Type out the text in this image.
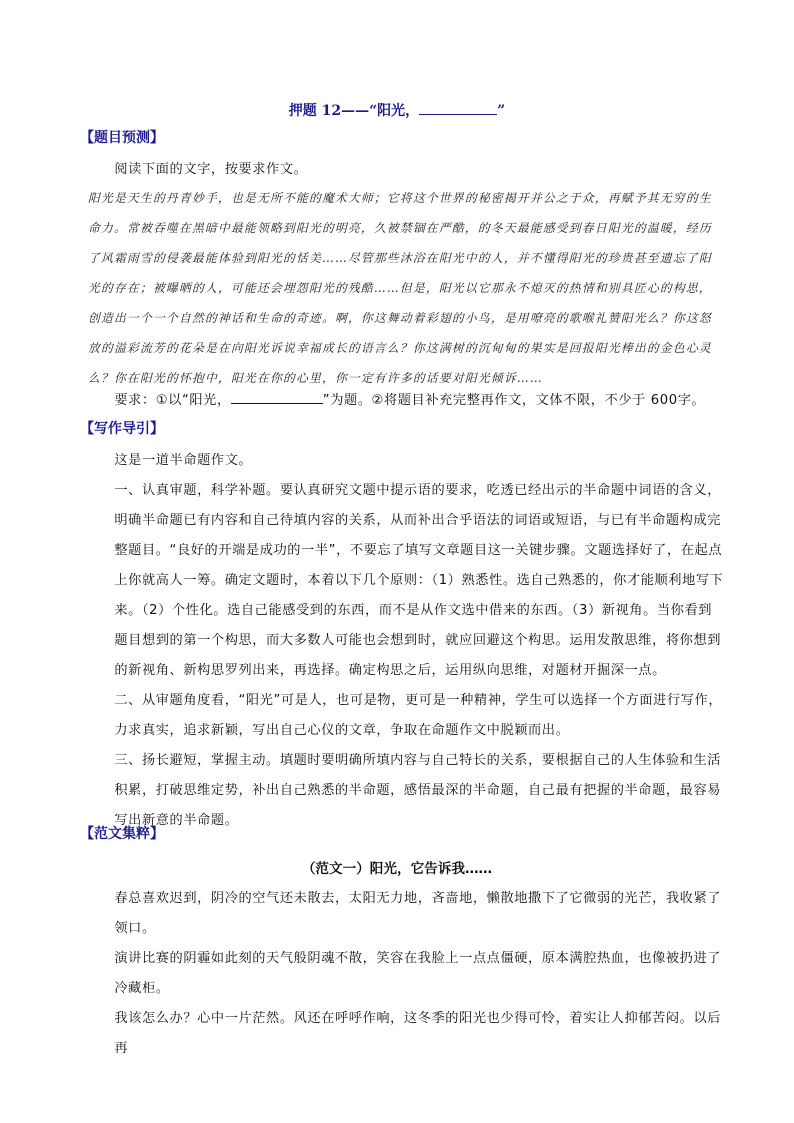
押题 12——“阳光，	”
【题目预测】

阅读下面的文字，按要求作文。

阳光是天生的丹青妙手，也是无所不能的魔术大师；它将这个世界的秘密揭开并公之于众，再赋予其无穷的生命力。常被吞噬在黑暗中最能领略到阳光的明亮，久被禁锢在严酷，的冬天最能感受到春日阳光的温暖，经历了风霜雨雪的侵袭最能体验到阳光的恬美……尽管那些沐浴在阳光中的人，并不懂得阳光的珍贵甚至遗忘了阳光的存在；被曝晒的人，可能还会埋怨阳光的残酷……但是，阳光以它那永不熄灭的热情和别具匠心的构思，创造出一个一个自然的神话和生命的奇迹。啊，你这舞动着彩翅的小鸟，是用嘹亮的歌喉礼赞阳光么？你这怒放的溢彩流芳的花朵是在向阳光诉说幸福成长的语言么？你这满树的沉甸甸的果实是回报阳光棒出的金色心灵么？你在阳光的怀抱中，阳光在你的心里，你一定有许多的话要对阳光倾诉……

要求：①以“阳光，	”为题。②将题目补充完整再作文，文体不限，不少于 600字。

【写作导引】

这是一道半命题作文。

一、认真审题，科学补题。要认真研究文题中提示语的要求，吃透已经出示的半命题中词语的含义，明确半命题已有内容和自己待填内容的关系，从而补出合乎语法的词语或短语，与已有半命题构成完整题目。“良好的开端是成功的一半”，不要忘了填写文章题目这一关键步骤。文题选择好了，在起点上你就高人一筹。确定文题时，本着以下几个原则：（1）熟悉性。选自己熟悉的，你才能顺利地写下来。（2）个性化。选自己能感受到的东西，而不是从作文选中借来的东西。（3）新视角。当你看到题目想到的第一个构思，而大多数人可能也会想到时，就应回避这个构思。运用发散思维，将你想到的新视角、新构思罗列出来，再选择。确定构思之后，运用纵向思维，对题材开掘深一点。

二、从审题角度看，“阳光”可是人，也可是物，更可是一种精神，学生可以选择一个方面进行写作，力求真实，追求新颖，写出自己心仪的文章，争取在命题作文中脱颖而出。

三、扬长避短，掌握主动。填题时要明确所填内容与自己特长的关系，要根据自己的人生体验和生活积累，打破思维定势，补出自己熟悉的半命题，感悟最深的半命题，自己最有把握的半命题，最容易写出新意的半命题。

【范文集粹】
（范文一）阳光，它告诉我……

春总喜欢迟到，阴冷的空气还未散去，太阳无力地，吝啬地，懒散地撒下了它微弱的光芒，我收紧了领口。

演讲比赛的阴霾如此刻的天气般阴魂不散，笑容在我脸上一点点僵硬，原本满腔热血，也像被扔进了冷藏柜。

我该怎么办？心中一片茫然。风还在呼呼作响，这冬季的阳光也少得可怜，着实让人抑郁苦闷。以后再
